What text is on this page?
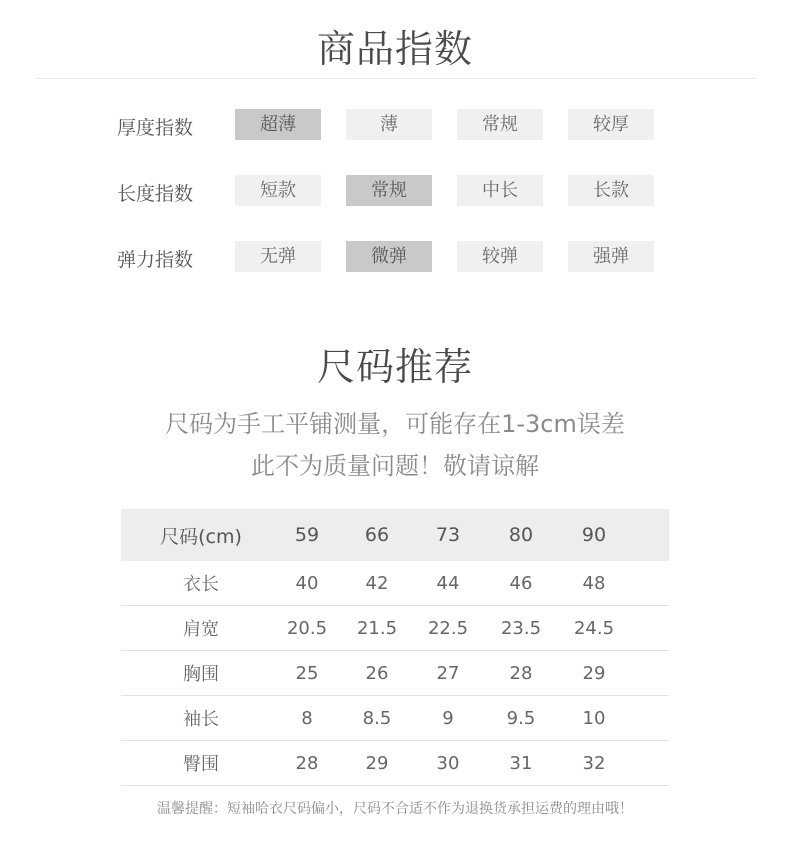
商品指数
厚度指数	超薄	薄	常规	较厚
长度指数	短款	常规	中长	长款
弹力指数	无弹	微弹	较弹	强弹
尺码推荐
尺码为手工平铺测量，可能存在1-3cm误差
此不为质量问题！敬请谅解
尺码(cm)	59	66	73	80	90
衣长	40	42	44	46	48
肩宽	20.5	21.5	22.5	23.5	24.5
胸围	25	26	27	28	29
袖长	8	8.5	9	9.5	10
臀围	28	29	30	31	32
温馨提醒：短袖哈衣尺码偏小，尺码不合适不作为退换货承担运费的理由哦！
